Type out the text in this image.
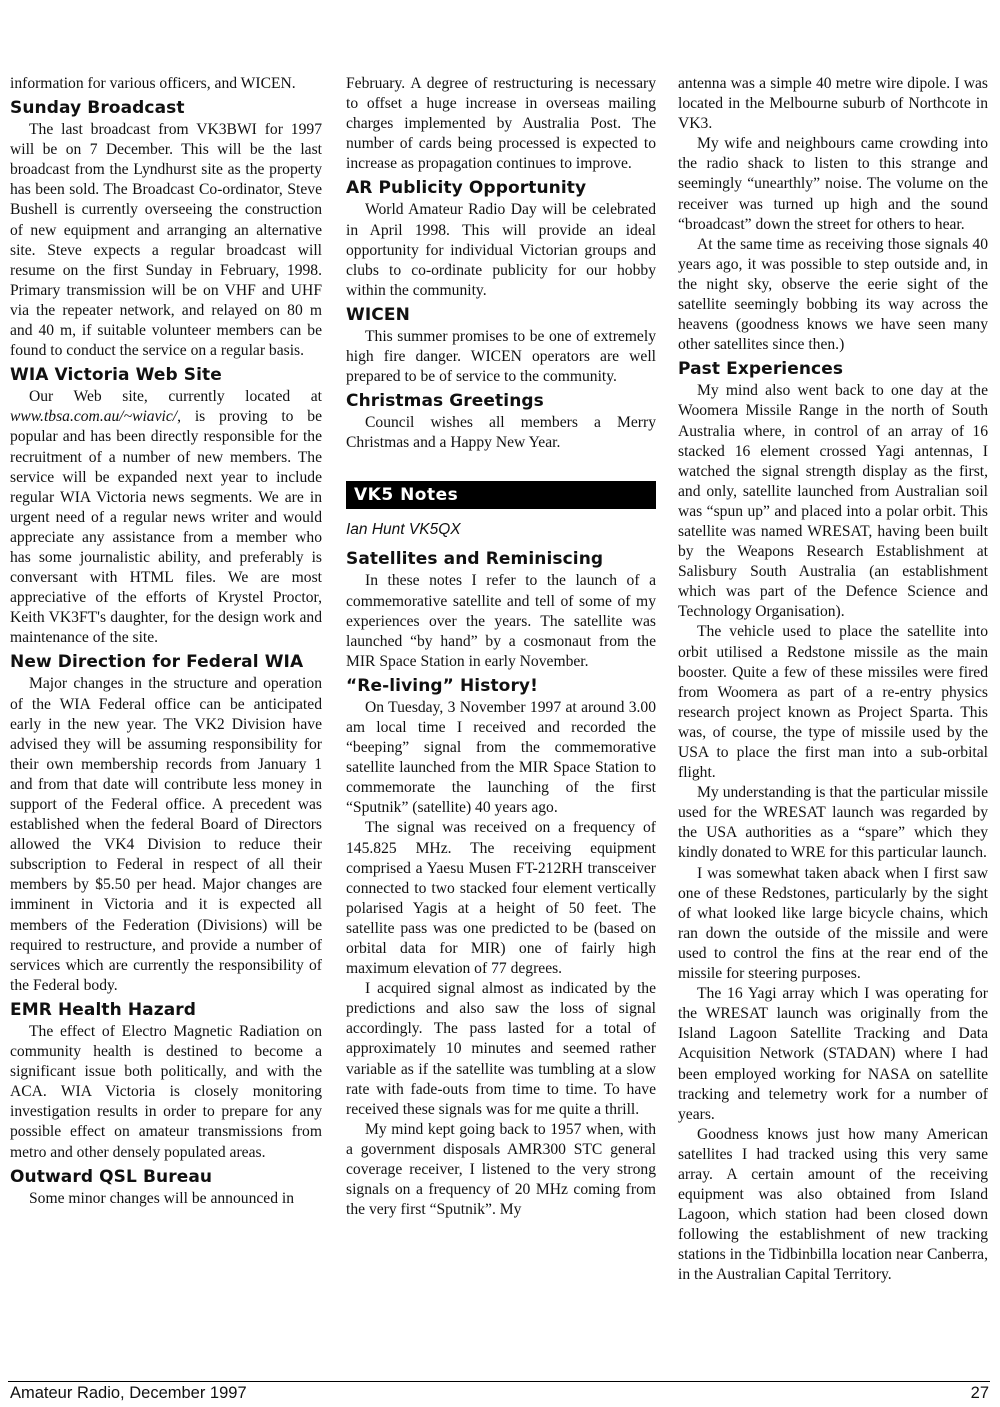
information for various officers, and WICEN.

Sunday Broadcast

The last broadcast from VK3BWI for 1997 will be on 7 December. This will be the last broadcast from the Lyndhurst site as the property has been sold. The Broadcast Co-ordinator, Steve Bushell is currently overseeing the construction of new equipment and arranging an alternative site. Steve expects a regular broadcast will resume on the first Sunday in February, 1998. Primary transmission will be on VHF and UHF via the repeater network, and relayed on 80 m and 40 m, if suitable volunteer members can be found to conduct the service on a regular basis.

WIA Victoria Web Site

Our Web site, currently located at www.tbsa.com.au/~wiavic/, is proving to be popular and has been directly responsible for the recruitment of a number of new members. The service will be expanded next year to include regular WIA Victoria news segments. We are in urgent need of a regular news writer and would appreciate any assistance from a member who has some journalistic ability, and preferably is conversant with HTML files. We are most appreciative of the efforts of Krystel Proctor, Keith VK3FT's daughter, for the design work and maintenance of the site.

New Direction for Federal WIA

Major changes in the structure and operation of the WIA Federal office can be anticipated early in the new year. The VK2 Division have advised they will be assuming responsibility for their own membership records from January 1 and from that date will contribute less money in support of the Federal office. A precedent was established when the federal Board of Directors allowed the VK4 Division to reduce their subscription to Federal in respect of all their members by $5.50 per head. Major changes are imminent in Victoria and it is expected all members of the Federation (Divisions) will be required to restructure, and provide a number of services which are currently the responsibility of the Federal body.

EMR Health Hazard

The effect of Electro Magnetic Radiation on community health is destined to become a significant issue both politically, and with the ACA. WIA Victoria is closely monitoring investigation results in order to prepare for any possible effect on amateur transmissions from metro and other densely populated areas.

Outward QSL Bureau

Some minor changes will be announced in

February. A degree of restructuring is necessary to offset a huge increase in overseas mailing charges implemented by Australia Post. The number of cards being processed is expected to increase as propagation continues to improve.

AR Publicity Opportunity

World Amateur Radio Day will be celebrated in April 1998. This will provide an ideal opportunity for individual Victorian groups and clubs to co-ordinate publicity for our hobby within the community.

WICEN

This summer promises to be one of extremely high fire danger. WICEN operators are well prepared to be of service to the community.

Christmas Greetings

Council wishes all members a Merry Christmas and a Happy New Year.

VK5 Notes

Ian Hunt VK5QX

Satellites and Reminiscing

In these notes I refer to the launch of a commemorative satellite and tell of some of my experiences over the years. The satellite was launched “by hand” by a cosmonaut from the MIR Space Station in early November.

“Re-living” History!

On Tuesday, 3 November 1997 at around 3.00 am local time I received and recorded the “beeping” signal from the commemorative satellite launched from the MIR Space Station to commemorate the launching of the first “Sputnik” (satellite) 40 years ago.

The signal was received on a frequency of 145.825 MHz. The receiving equipment comprised a Yaesu Musen FT-212RH transceiver connected to two stacked four element vertically polarised Yagis at a height of 50 feet. The satellite pass was one predicted to be (based on orbital data for MIR) one of fairly high maximum elevation of 77 degrees.

I acquired signal almost as indicated by the predictions and also saw the loss of signal accordingly. The pass lasted for a total of approximately 10 minutes and seemed rather variable as if the satellite was tumbling at a slow rate with fade-outs from time to time. To have received these signals was for me quite a thrill.

My mind kept going back to 1957 when, with a government disposals AMR300 STC general coverage receiver, I listened to the very strong signals on a frequency of 20 MHz coming from the very first “Sputnik”. My

antenna was a simple 40 metre wire dipole. I was located in the Melbourne suburb of Northcote in VK3.

My wife and neighbours came crowding into the radio shack to listen to this strange and seemingly “unearthly” noise. The volume on the receiver was turned up high and the sound “broadcast” down the street for others to hear.

At the same time as receiving those signals 40 years ago, it was possible to step outside and, in the night sky, observe the eerie sight of the satellite seemingly bobbing its way across the heavens (goodness knows we have seen many other satellites since then.)

Past Experiences

My mind also went back to one day at the Woomera Missile Range in the north of South Australia where, in control of an array of 16 stacked 16 element crossed Yagi antennas, I watched the signal strength display as the first, and only, satellite launched from Australian soil was “spun up” and placed into a polar orbit. This satellite was named WRESAT, having been built by the Weapons Research Establishment at Salisbury South Australia (an establishment which was part of the Defence Science and Technology Organisation).

The vehicle used to place the satellite into orbit utilised a Redstone missile as the main booster. Quite a few of these missiles were fired from Woomera as part of a re-entry physics research project known as Project Sparta. This was, of course, the type of missile used by the USA to place the first man into a sub-orbital flight.

My understanding is that the particular missile used for the WRESAT launch was regarded by the USA authorities as a “spare” which they kindly donated to WRE for this particular launch.

I was somewhat taken aback when I first saw one of these Redstones, particularly by the sight of what looked like large bicycle chains, which ran down the outside of the missile and were used to control the fins at the rear end of the missile for steering purposes.

The 16 Yagi array which I was operating for the WRESAT launch was originally from the Island Lagoon Satellite Tracking and Data Acquisition Network (STADAN) where I had been employed working for NASA on satellite tracking and telemetry work for a number of years.

Goodness knows just how many American satellites I had tracked using this very same array. A certain amount of the receiving equipment was also obtained from Island Lagoon, which station had been closed down following the establishment of new tracking stations in the Tidbinbilla location near Canberra, in the Australian Capital Territory.

Amateur Radio, December 1997	27
